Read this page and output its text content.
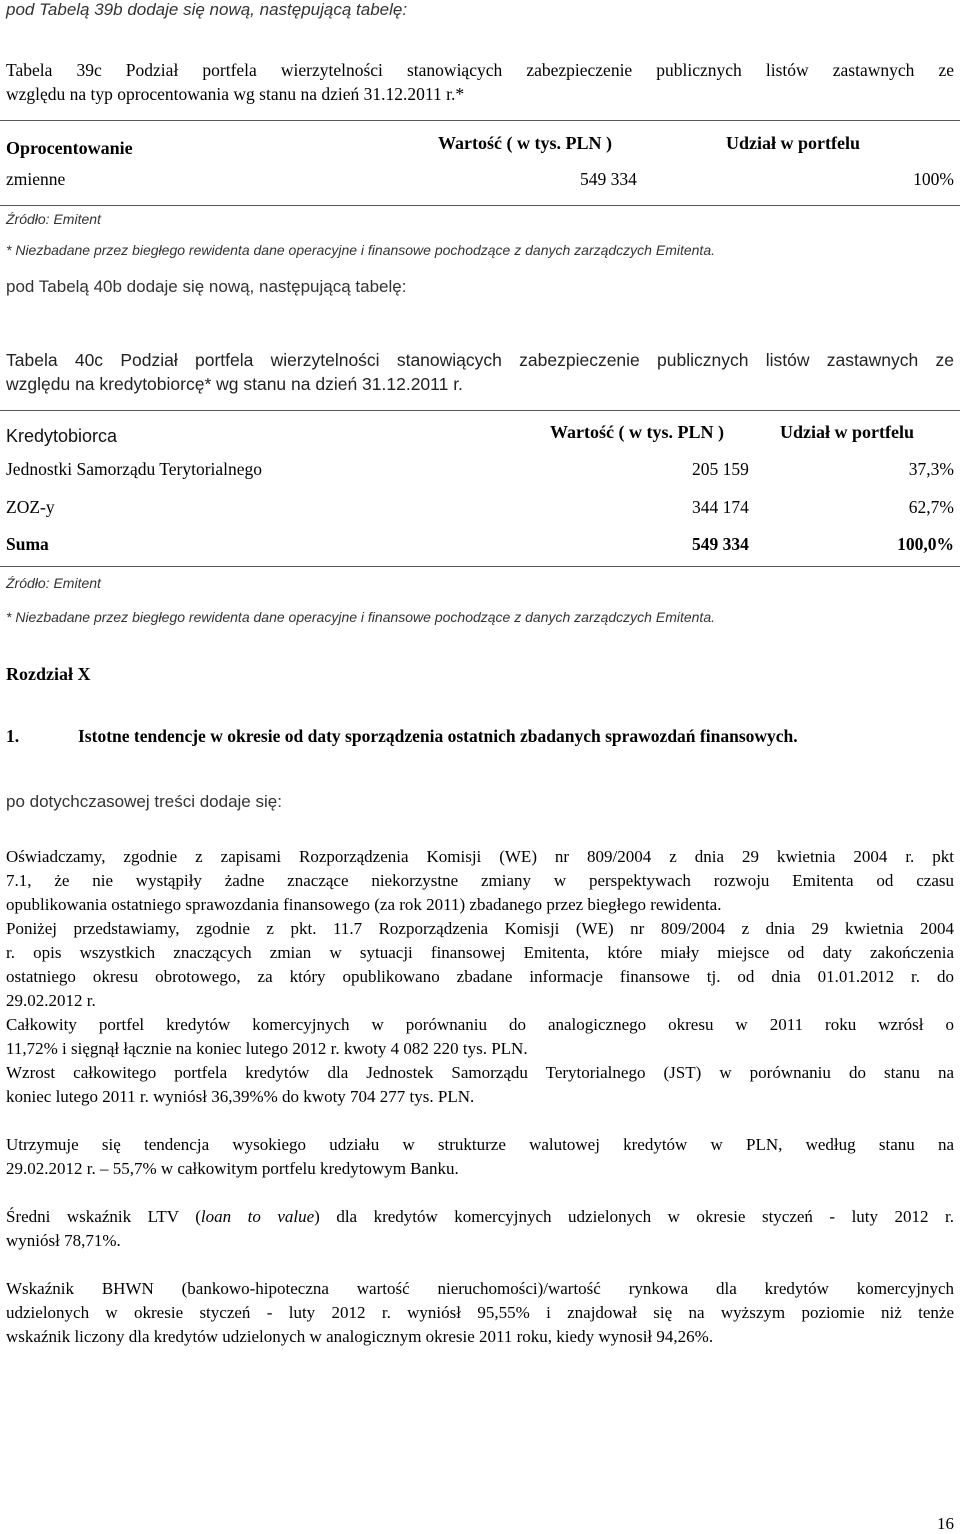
pod Tabelą 39b dodaje się nową, następującą tabelę:
Tabela 39c Podział portfela wierzytelności stanowiących zabezpieczenie publicznych listów zastawnych ze
względu na typ oprocentowania wg stanu na dzień 31.12.2011 r.*
Oprocentowanie	Wartość ( w tys. PLN )	Udział w portfelu
zmienne	549 334	100%
Źródło: Emitent
* Niezbadane przez biegłego rewidenta dane operacyjne i finansowe pochodzące z danych zarządczych Emitenta.
pod Tabelą 40b dodaje się nową, następującą tabelę:
Tabela 40c Podział portfela wierzytelności stanowiących zabezpieczenie publicznych listów zastawnych ze
względu na kredytobiorcę* wg stanu na dzień 31.12.2011 r.
Kredytobiorca	Wartość ( w tys. PLN )	Udział w portfelu
Jednostki Samorządu Terytorialnego	205 159	37,3%
ZOZ-y	344 174	62,7%
Suma	549 334	100,0%
Źródło: Emitent
* Niezbadane przez biegłego rewidenta dane operacyjne i finansowe pochodzące z danych zarządczych Emitenta.
Rozdział X
1.	Istotne tendencje w okresie od daty sporządzenia ostatnich zbadanych sprawozdań finansowych.
po dotychczasowej treści dodaje się:
Oświadczamy, zgodnie z zapisami Rozporządzenia Komisji (WE) nr 809/2004 z dnia 29 kwietnia 2004 r. pkt
7.1, że nie wystąpiły żadne znaczące niekorzystne zmiany w perspektywach rozwoju Emitenta od czasu
opublikowania ostatniego sprawozdania finansowego (za rok 2011) zbadanego przez biegłego rewidenta.
Poniżej przedstawiamy, zgodnie z pkt. 11.7 Rozporządzenia Komisji (WE) nr 809/2004 z dnia 29 kwietnia 2004
r. opis wszystkich znaczących zmian w sytuacji finansowej Emitenta, które miały miejsce od daty zakończenia
ostatniego okresu obrotowego, za który opublikowano zbadane informacje finansowe tj. od dnia 01.01.2012 r. do
29.02.2012 r.
Całkowity portfel kredytów komercyjnych w porównaniu do analogicznego okresu w 2011 roku wzrósł o
11,72% i sięgnął łącznie na koniec lutego 2012 r. kwoty 4 082 220 tys. PLN.
Wzrost całkowitego portfela kredytów dla Jednostek Samorządu Terytorialnego (JST) w porównaniu do stanu na
koniec lutego 2011 r. wyniósł 36,39%% do kwoty 704 277 tys. PLN.
Utrzymuje się tendencja wysokiego udziału w strukturze walutowej kredytów w PLN, według stanu na
29.02.2012 r. – 55,7% w całkowitym portfelu kredytowym Banku.
Średni wskaźnik LTV (loan to value) dla kredytów komercyjnych udzielonych w okresie styczeń - luty 2012 r.
wyniósł 78,71%.
Wskaźnik BHWN (bankowo-hipoteczna wartość nieruchomości)/wartość rynkowa dla kredytów komercyjnych
udzielonych w okresie styczeń - luty 2012 r. wyniósł 95,55% i znajdował się na wyższym poziomie niż tenże
wskaźnik liczony dla kredytów udzielonych w analogicznym okresie 2011 roku, kiedy wynosił 94,26%.
16
